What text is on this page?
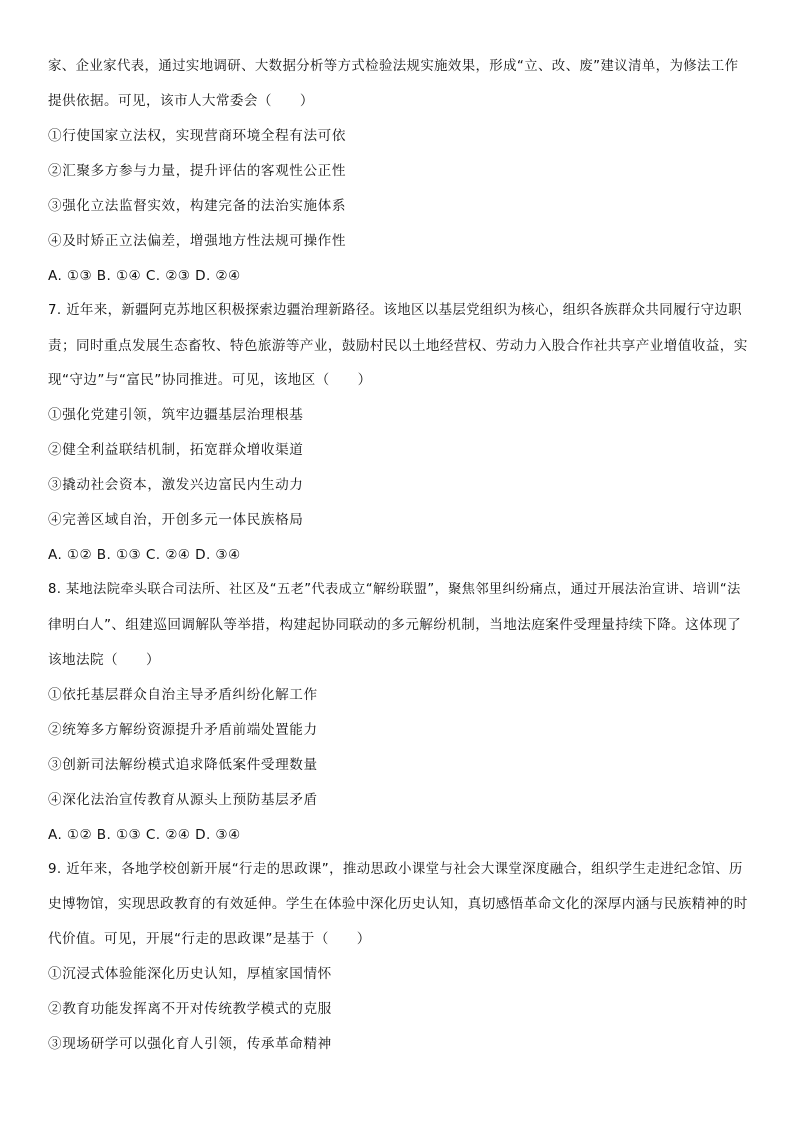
家、企业家代表，通过实地调研、大数据分析等方式检验法规实施效果，形成“立、改、废”建议清单，为修法工作
提供依据。可见，该市人大常委会（　　）
①行使国家立法权，实现营商环境全程有法可依
②汇聚多方参与力量，提升评估的客观性公正性
③强化立法监督实效，构建完备的法治实施体系
④及时矫正立法偏差，增强地方性法规可操作性
A. ①③ B. ①④ C. ②③ D. ②④
7. 近年来，新疆阿克苏地区积极探索边疆治理新路径。该地区以基层党组织为核心，组织各族群众共同履行守边职
责；同时重点发展生态畜牧、特色旅游等产业，鼓励村民以土地经营权、劳动力入股合作社共享产业增值收益，实
现“守边”与“富民”协同推进。可见，该地区（　　）
①强化党建引领，筑牢边疆基层治理根基
②健全利益联结机制，拓宽群众增收渠道
③撬动社会资本，激发兴边富民内生动力
④完善区域自治，开创多元一体民族格局
A. ①② B. ①③ C. ②④ D. ③④
8. 某地法院牵头联合司法所、社区及“五老”代表成立“解纷联盟”，聚焦邻里纠纷痛点，通过开展法治宣讲、培训“法
律明白人”、组建巡回调解队等举措，构建起协同联动的多元解纷机制，当地法庭案件受理量持续下降。这体现了
该地法院（　　）
①依托基层群众自治主导矛盾纠纷化解工作
②统筹多方解纷资源提升矛盾前端处置能力
③创新司法解纷模式追求降低案件受理数量
④深化法治宣传教育从源头上预防基层矛盾
A. ①② B. ①③ C. ②④ D. ③④
9. 近年来，各地学校创新开展“行走的思政课”，推动思政小课堂与社会大课堂深度融合，组织学生走进纪念馆、历
史博物馆，实现思政教育的有效延伸。学生在体验中深化历史认知，真切感悟革命文化的深厚内涵与民族精神的时
代价值。可见，开展“行走的思政课”是基于（　　）
①沉浸式体验能深化历史认知，厚植家国情怀
②教育功能发挥离不开对传统教学模式的克服
③现场研学可以强化育人引领，传承革命精神
